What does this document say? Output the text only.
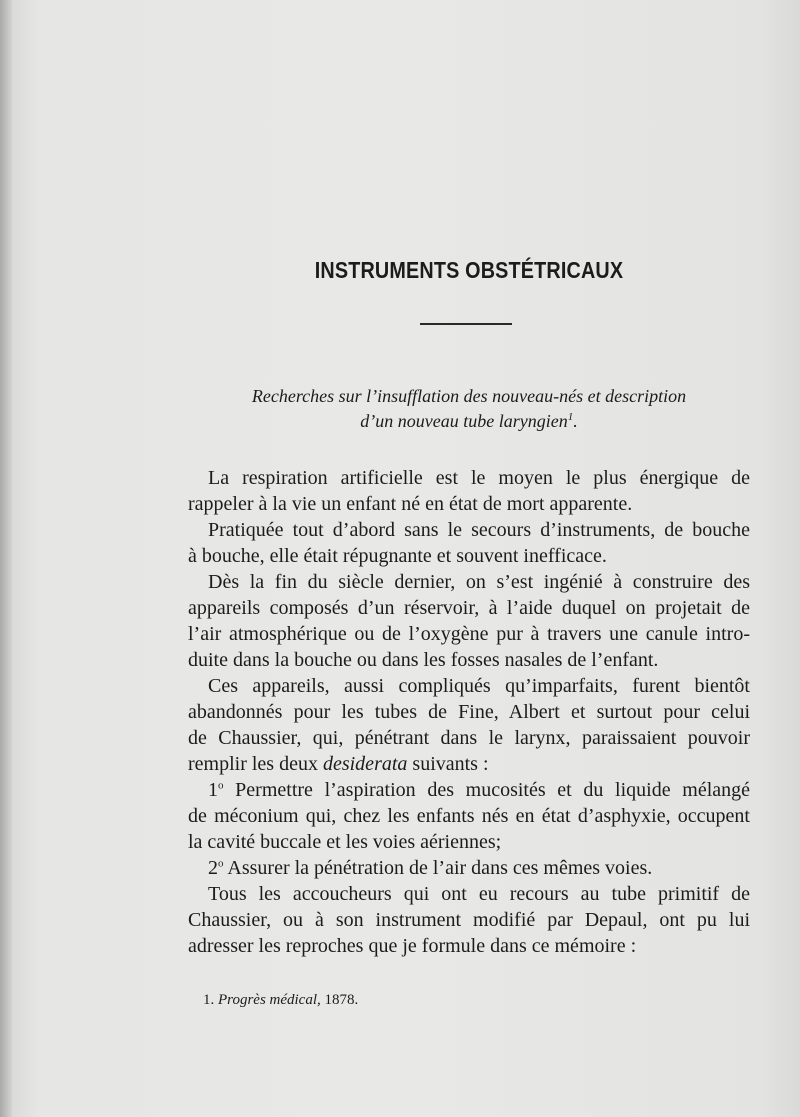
INSTRUMENTS OBSTÉTRICAUX
Recherches sur l’insufflation des nouveau-nés et description
d’un nouveau tube laryngien$^1$.
La respiration artificielle est le moyen le plus énergique de
rappeler à la vie un enfant né en état de mort apparente.
Pratiquée tout d’abord sans le secours d’instruments, de bouche
à bouche, elle était répugnante et souvent inefficace.
Dès la fin du siècle dernier, on s’est ingénié à construire des
appareils composés d’un réservoir, à l’aide duquel on projetait de
l’air atmosphérique ou de l’oxygène pur à travers une canule intro-
duite dans la bouche ou dans les fosses nasales de l’enfant.
Ces appareils, aussi compliqués qu’imparfaits, furent bientôt
abandonnés pour les tubes de Fine, Albert et surtout pour celui
de Chaussier, qui, pénétrant dans le larynx, paraissaient pouvoir
remplir les deux desiderata suivants :
1$^o$ Permettre l’aspiration des mucosités et du liquide mélangé
de méconium qui, chez les enfants nés en état d’asphyxie, occupent
la cavité buccale et les voies aériennes;
2$^o$ Assurer la pénétration de l’air dans ces mêmes voies.
Tous les accoucheurs qui ont eu recours au tube primitif de
Chaussier, ou à son instrument modifié par Depaul, ont pu lui
adresser les reproches que je formule dans ce mémoire :
1. Progrès médical, 1878.
